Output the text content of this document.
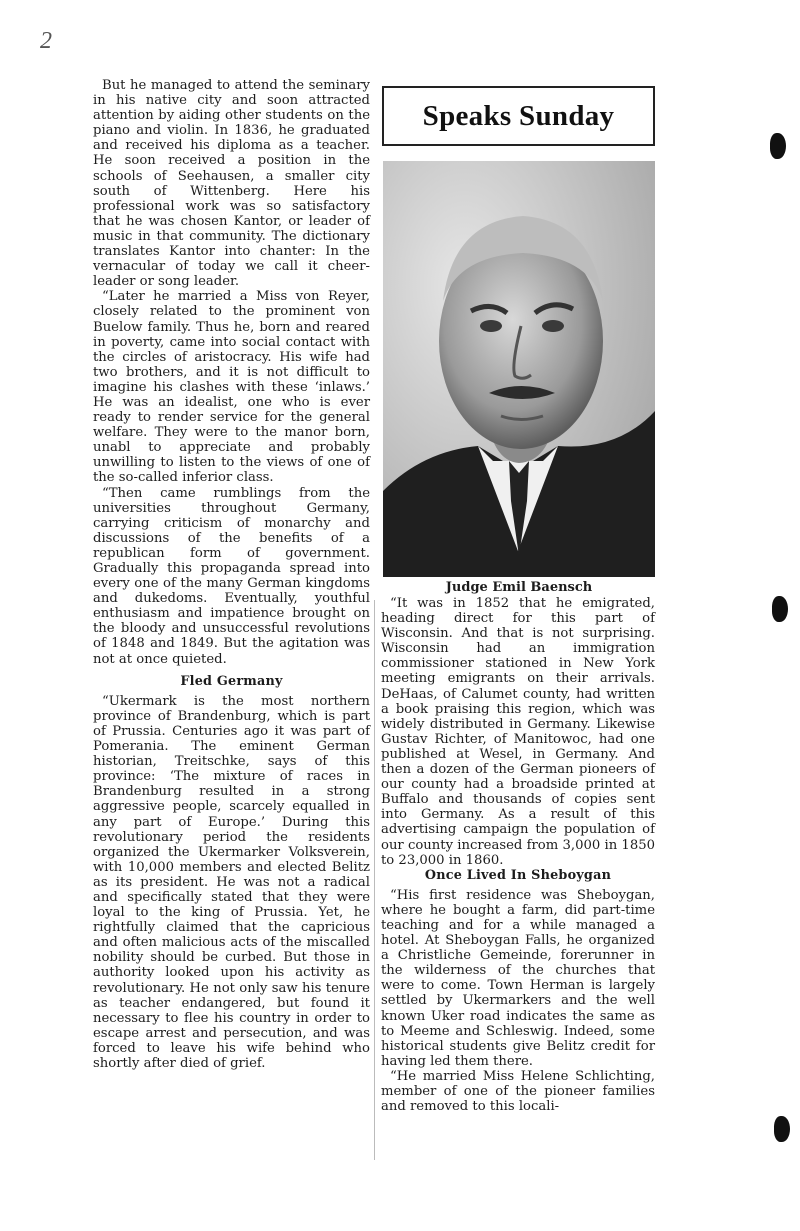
2

But he managed to attend the seminary in his native city and soon attracted attention by aiding other students on the piano and violin. In 1836, he graduated and received his diploma as a teacher. He soon received a position in the schools of Seehausen, a smaller city south of Wittenberg. Here his professional work was so satisfactory that he was chosen Kantor, or leader of music in that community. The dictionary translates Kantor into chanter: In the vernacular of today we call it cheer-leader or song leader.

“Later he married a Miss von Reyer, closely related to the prominent von Buelow family. Thus he, born and reared in poverty, came into social contact with the circles of aristocracy. His wife had two brothers, and it is not difficult to imagine his clashes with these ‘inlaws.’ He was an idealist, one who is ever ready to render service for the general welfare. They were to the manor born, unabl to appreciate and probably unwilling to listen to the views of one of the so-called inferior class.

“Then came rumblings from the universities throughout Germany, carrying criticism of monarchy and discussions of the benefits of a republican form of government. Gradually this propaganda spread into every one of the many German kingdoms and dukedoms. Eventually, youthful enthusiasm and impatience brought on the bloody and unsuccessful revolutions of 1848 and 1849. But the agitation was not at once quieted.

Fled Germany

“Ukermark is the most northern province of Brandenburg, which is part of Prussia. Centuries ago it was part of Pomerania. The eminent German historian, Treitschke, says of this province: ‘The mixture of races in Brandenburg resulted in a strong aggressive people, scarcely equalled in any part of Europe.’ During this revolutionary period the residents organized the Ukermarker Volksverein, with 10,000 members and elected Belitz as its president. He was not a radical and specifically stated that they were loyal to the king of Prussia. Yet, he rightfully claimed that the capricious and often malicious acts of the miscalled nobility should be curbed. But those in authority looked upon his activity as revolutionary. He not only saw his tenure as teacher endangered, but found it necessary to flee his country in order to escape arrest and persecution, and was forced to leave his wife behind who shortly after died of grief.

Speaks Sunday
Judge Emil Baensch

“It was in 1852 that he emigrated, heading direct for this part of Wisconsin. And that is not surprising. Wisconsin had an immigration commissioner stationed in New York meeting emigrants on their arrivals. DeHaas, of Calumet county, had written a book praising this region, which was widely distributed in Germany. Likewise Gustav Richter, of Manitowoc, had one published at Wesel, in Germany. And then a dozen of the German pioneers of our county had a broadside printed at Buffalo and thousands of copies sent into Germany. As a result of this advertising campaign the population of our county increased from 3,000 in 1850 to 23,000 in 1860.

Once Lived In Sheboygan

“His first residence was Sheboygan, where he bought a farm, did part-time teaching and for a while managed a hotel. At Sheboygan Falls, he organized a Christliche Gemeinde, forerunner in the wilderness of the churches that were to come. Town Herman is largely settled by Ukermarkers and the well known Uker road indicates the same as to Meeme and Schleswig. Indeed, some historical students give Belitz credit for having led them there.

“He married Miss Helene Schlichting, member of one of the pioneer families and removed to this locali-
